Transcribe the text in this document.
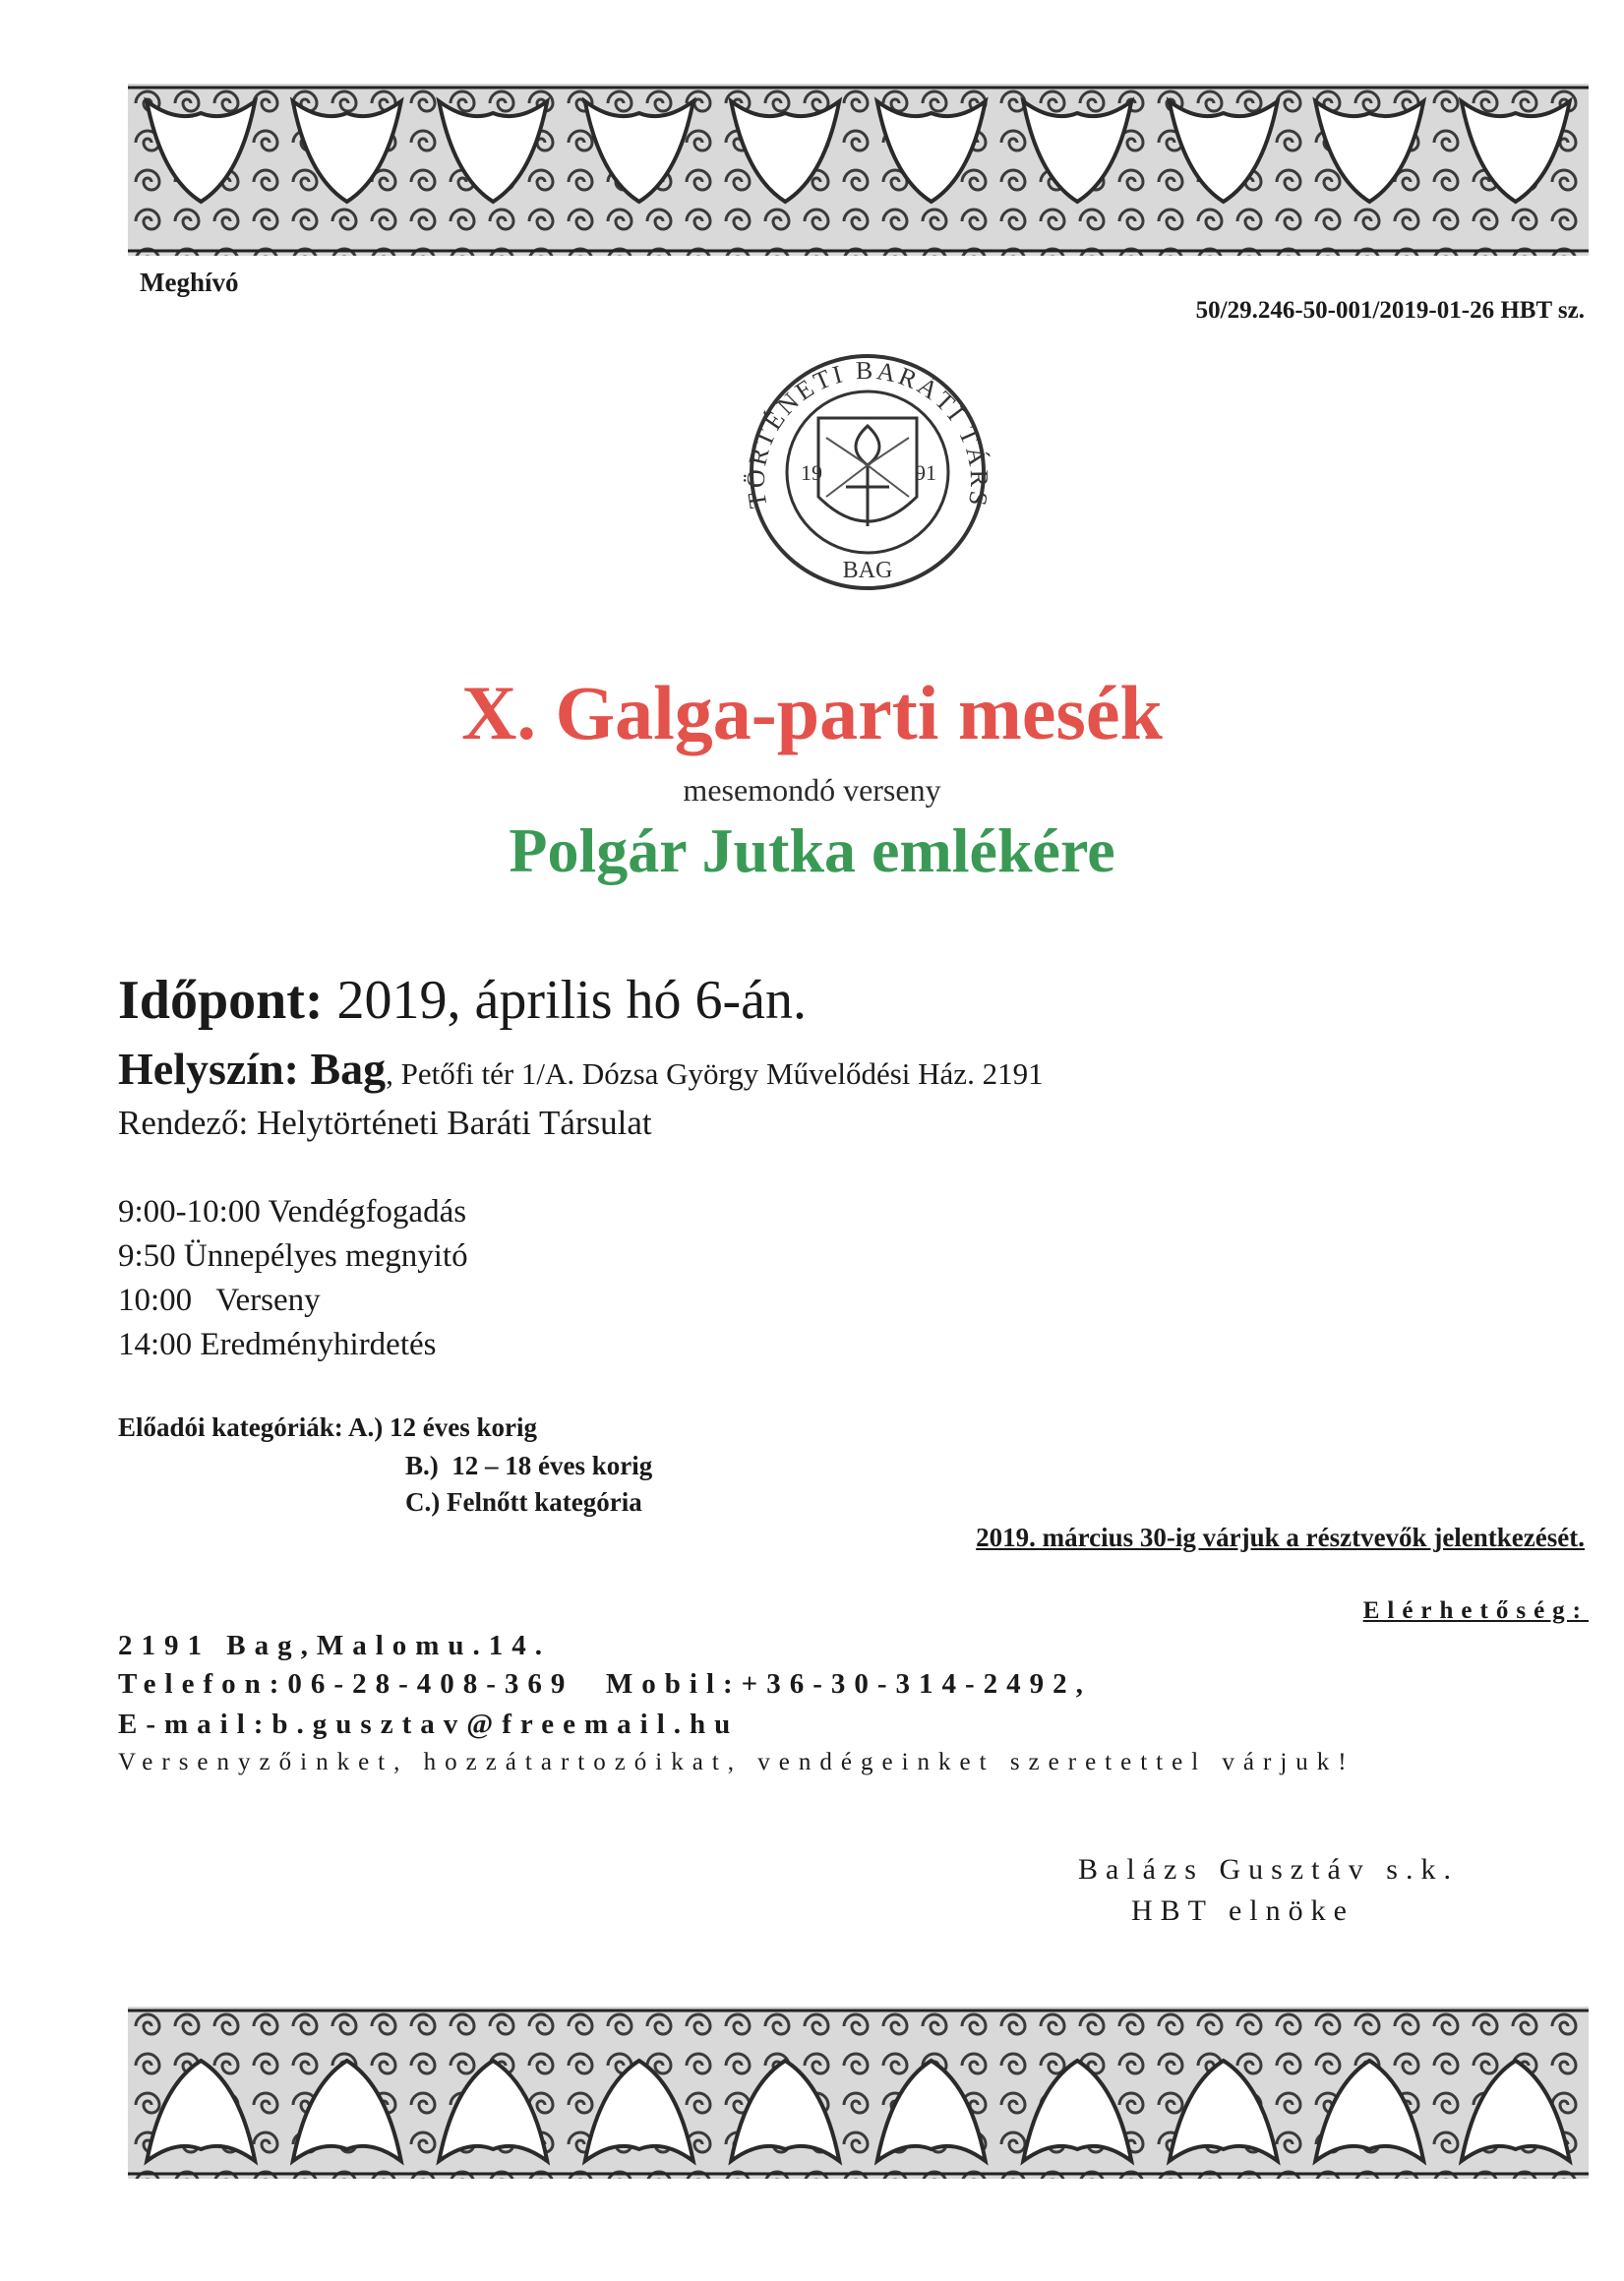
Meghívó
50/29.246-50-001/2019-01-26 HBT sz.
19	91
TÖRTÉNETI BARÁTI TÁRS
BAG
X. Galga-parti mesék
mesemondó verseny
Polgár Jutka emlékére
Időpont: 2019, április hó 6-án.
Helyszín: Bag, Petőfi tér 1/A. Dózsa György Művelődési Ház. 2191
Rendező: Helytörténeti Baráti Társulat
9:00-10:00 Vendégfogadás
9:50 Ünnepélyes megnyitó
10:00   Verseny
14:00 Eredményhirdetés
Előadói kategóriák: A.) 12 éves korig
B.)  12 – 18 éves korig
C.) Felnőtt kategória
2019. március 30-ig várjuk a résztvevők jelentkezését.
Elérhetőség:
2191 Bag,Malomu.14.
Telefon:06-28-408-369  Mobil:+36-30-314-2492,
E-mail:b.gusztav@freemail.hu
Versenyzőinket, hozzátartozóikat, vendégeinket szeretettel várjuk!
Balázs Gusztáv s.k.
HBT elnöke
